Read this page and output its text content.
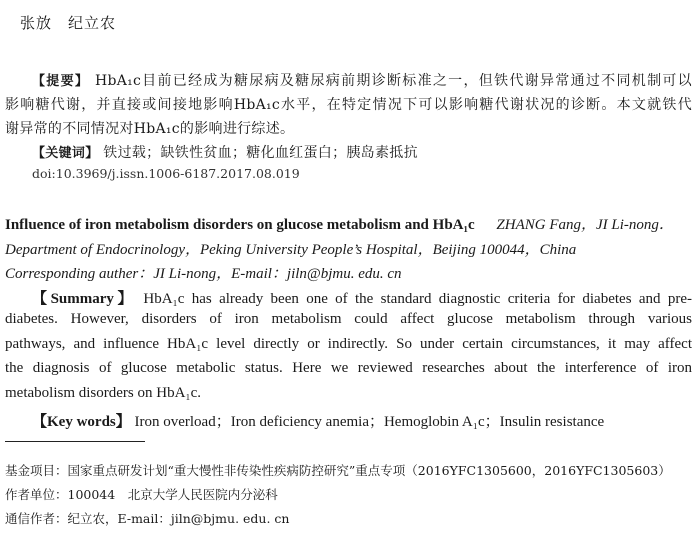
张放　纪立农
【提要】 HbA₁c目前已经成为糖尿病及糖尿病前期诊断标准之一，但铁代谢异常通过不同机制可以
影响糖代谢，并直接或间接地影响HbA₁c水平，在特定情况下可以影响糖代谢状况的诊断。本文就铁代
谢异常的不同情况对HbA₁c的影响进行综述。
【关键词】 铁过载；缺铁性贫血；糖化血红蛋白；胰岛素抵抗
doi:10.3969/j.issn.1006-6187.2017.08.019
Influence of iron metabolism disorders on glucose metabolism and HbA₁c ZHANG Fang，JI Li-nong．
Department of Endocrinology，Peking University People’s Hospital，Beijing 100044，China
Corresponding auther：JI Li-nong，E-mail：jiln@bjmu. edu. cn
【Summary】 HbA₁c has already been one of the standard diagnostic criteria for diabetes and pre-
diabetes. However, disorders of iron metabolism could affect glucose metabolism through various
pathways, and influence HbA₁c level directly or indirectly. So under certain circumstances, it may affect
the diagnosis of glucose metabolic status. Here we reviewed researches about the interference of iron
metabolism disorders on HbA₁c.
【Key words】 Iron overload；Iron deficiency anemia；Hemoglobin A₁c；Insulin resistance
基金项目：国家重点研发计划“重大慢性非传染性疾病防控研究”重点专项（2016YFC1305600，2016YFC1305603）
作者单位：100044　北京大学人民医院内分泌科
通信作者：纪立农，E-mail：jiln@bjmu. edu. cn
